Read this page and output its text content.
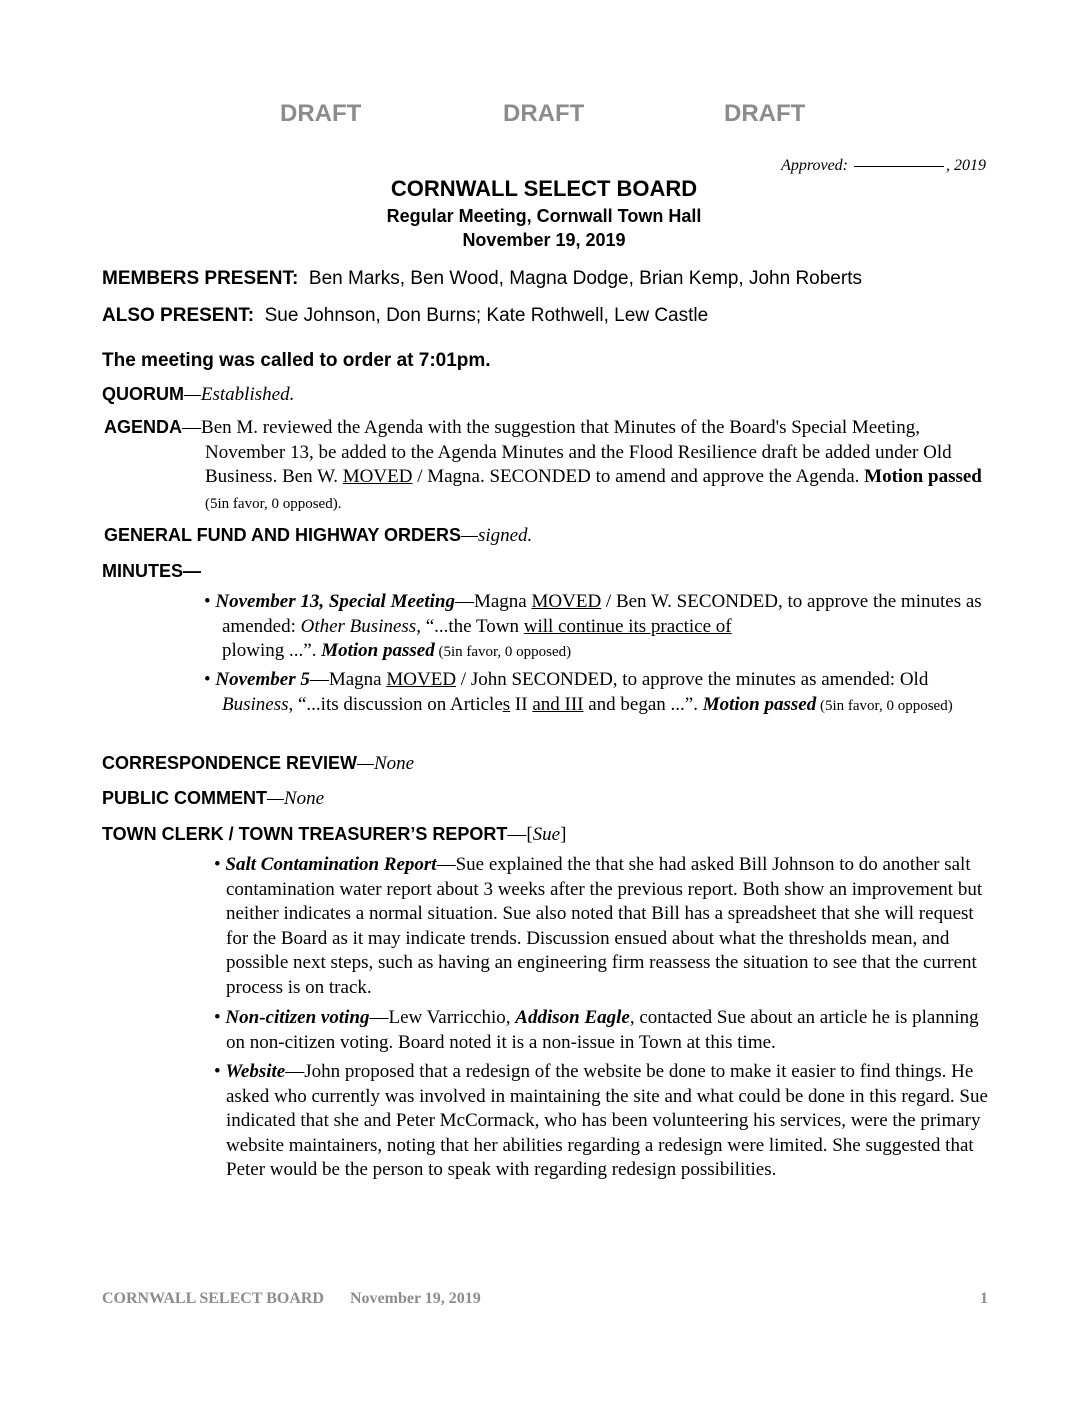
DRAFT	DRAFT	DRAFT
Approved:	, 2019
CORNWALL SELECT BOARD
Regular Meeting, Cornwall Town Hall
November 19, 2019
MEMBERS PRESENT: Ben Marks, Ben Wood, Magna Dodge, Brian Kemp, John Roberts
ALSO PRESENT: Sue Johnson, Don Burns; Kate Rothwell, Lew Castle
The meeting was called to order at 7:01pm.
QUORUM—Established.
AGENDA—Ben M. reviewed the Agenda with the suggestion that Minutes of the Board's Special Meeting, November 13, be added to the Agenda Minutes and the Flood Resilience draft be added under Old Business. Ben W. MOVED / Magna. SECONDED to amend and approve the Agenda. Motion passed (5in favor, 0 opposed).
GENERAL FUND AND HIGHWAY ORDERS—signed.
MINUTES—
• November 13, Special Meeting—Magna MOVED / Ben W. SECONDED, to approve the minutes as amended: Other Business, “...the Town will continue its practice of
plowing ...”. Motion passed (5in favor, 0 opposed)
• November 5—Magna MOVED / John SECONDED, to approve the minutes as amended: Old Business, “...its discussion on Articles II and III and began ...”. Motion passed (5in favor, 0 opposed)
CORRESPONDENCE REVIEW—None
PUBLIC COMMENT—None
TOWN CLERK / TOWN TREASURER’S REPORT—[Sue]
• Salt Contamination Report—Sue explained the that she had asked Bill Johnson to do another salt contamination water report about 3 weeks after the previous report. Both show an improvement but neither indicates a normal situation. Sue also noted that Bill has a spreadsheet that she will request for the Board as it may indicate trends. Discussion ensued about what the thresholds mean, and possible next steps, such as having an engineering firm reassess the situation to see that the current process is on track.
• Non-citizen voting—Lew Varricchio, Addison Eagle, contacted Sue about an article he is planning on non-citizen voting. Board noted it is a non-issue in Town at this time.
• Website—John proposed that a redesign of the website be done to make it easier to find things. He asked who currently was involved in maintaining the site and what could be done in this regard. Sue indicated that she and Peter McCormack, who has been volunteering his services, were the primary website maintainers, noting that her abilities regarding a redesign were limited. She suggested that Peter would be the person to speak with regarding redesign possibilities.
CORNWALL SELECT BOARD November 19, 2019	1
